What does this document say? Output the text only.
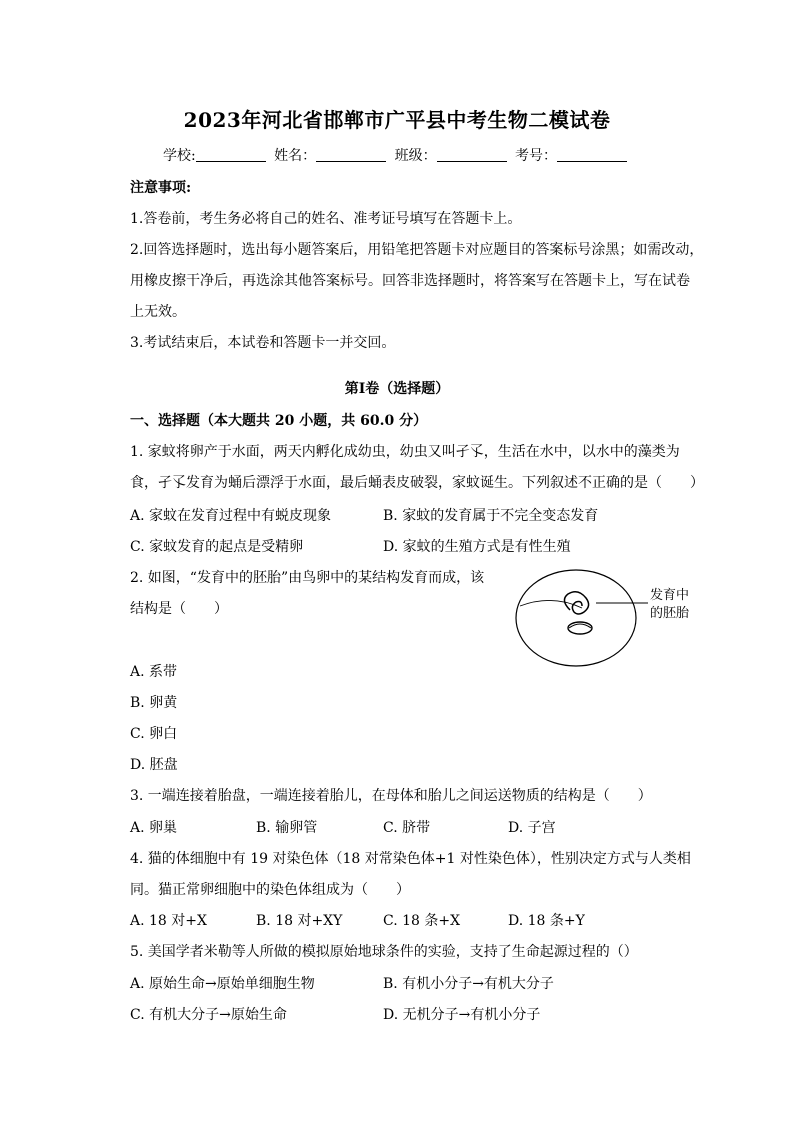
2023年河北省邯郸市广平县中考生物二模试卷
学校:	姓名：	班级：	考号：
注意事项:
1.答卷前，考生务必将自己的姓名、准考证号填写在答题卡上。
2.回答选择题时，选出每小题答案后，用铅笔把答题卡对应题目的答案标号涂黑；如需改动，
用橡皮擦干净后，再选涂其他答案标号。回答非选择题时，将答案写在答题卡上，写在试卷
上无效。
3.考试结束后，本试卷和答题卡一并交回。
第I卷（选择题）
一、选择题（本大题共 20 小题，共 60.0 分）
1. 家蚊将卵产于水面，两天内孵化成幼虫，幼虫又叫孑孓，生活在水中，以水中的藻类为
食，孑孓发育为蛹后漂浮于水面，最后蛹表皮破裂，家蚊诞生。下列叙述不正确的是（　　）
A. 家蚊在发育过程中有蜕皮现象	B. 家蚊的发育属于不完全变态发育
C. 家蚊发育的起点是受精卵	D. 家蚊的生殖方式是有性生殖
2. 如图，“发育中的胚胎”由鸟卵中的某结构发育而成，该
结构是（　　）
发育中
的胚胎
A. 系带
B. 卵黄
C. 卵白
D. 胚盘
3. 一端连接着胎盘，一端连接着胎儿，在母体和胎儿之间运送物质的结构是（　　）
A. 卵巢	B. 输卵管	C. 脐带	D. 子宫
4. 猫的体细胞中有 19 对染色体（18 对常染色体+1 对性染色体），性别决定方式与人类相
同。猫正常卵细胞中的染色体组成为（　　）
A. 18 对+X	B. 18 对+XY	C. 18 条+X	D. 18 条+Y
5. 美国学者米勒等人所做的模拟原始地球条件的实验，支持了生命起源过程的（）
A. 原始生命→原始单细胞生物	B. 有机小分子→有机大分子
C. 有机大分子→原始生命	D. 无机分子→有机小分子
